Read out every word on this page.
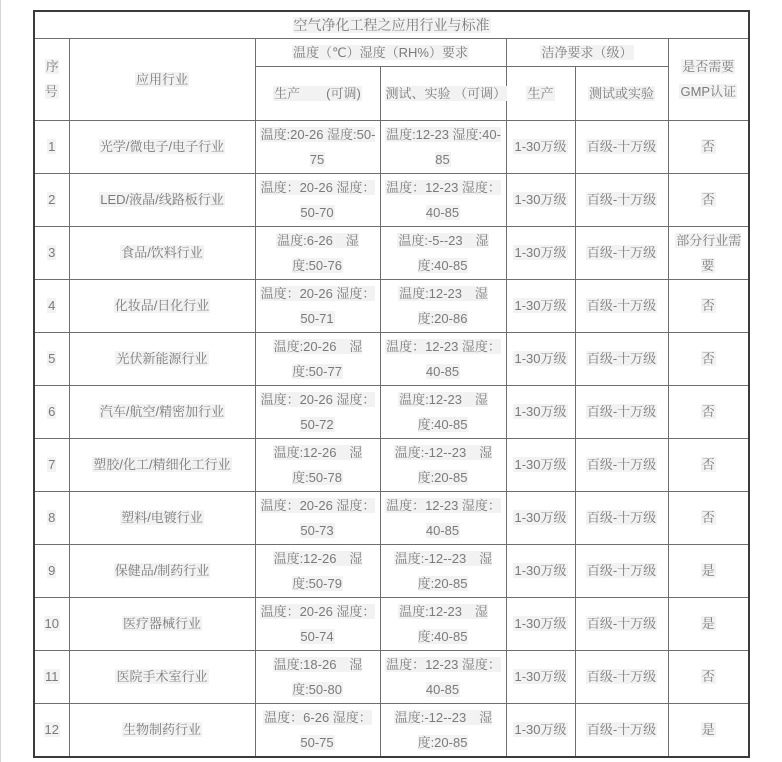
空气净化工程之应用行业与标准						
序号	应用行业	温度（℃）湿度（RH%）要求		洁净要求（级）		是否需要
GMP认证
		生产　　(可调)	测试、实验 （可调）	生产	测试或实验	
1	光学/微电子/电子行业	温度:20-26 湿度:50-75	温度:12-23 湿度:40-85	1-30万级	百级-十万级	否
2	LED/液晶/线路板行业	温度：20-26 湿度：50-70	温度：12-23 湿度：40-85	1-30万级	百级-十万级	否
3	食品/饮料行业	温度:6-26　湿度:50-76	温度:-5--23　湿度:40-85	1-30万级	百级-十万级	部分行业需要
4	化妆品/日化行业	温度：20-26 湿度：50-71	温度:12-23　湿度:20-86	1-30万级	百级-十万级	否
5	光伏新能源行业	温度:20-26　湿度:50-77	温度：12-23 湿度：40-85	1-30万级	百级-十万级	否
6	汽车/航空/精密加行业	温度：20-26 湿度：50-72	温度:12-23　湿度:40-85	1-30万级	百级-十万级	否
7	塑胶/化工/精细化工行业	温度:12-26　湿度:50-78	温度:-12--23　湿度:20-85	1-30万级	百级-十万级	否
8	塑料/电镀行业	温度：20-26 湿度：50-73	温度：12-23 湿度：40-85	1-30万级	百级-十万级	否
9	保健品/制药行业	温度:12-26　湿度:50-79	温度:-12--23　湿度:20-85	1-30万级	百级-十万级	是
10	医疗器械行业	温度：20-26 湿度：50-74	温度:12-23　湿度:40-85	1-30万级	百级-十万级	是
11	医院手术室行业	温度:18-26　湿度:50-80	温度：12-23 湿度：40-85	1-30万级	百级-十万级	否
12	生物制药行业	温度：6-26 湿度：50-75	温度:-12--23　湿度:20-85	1-30万级	百级-十万级	是
